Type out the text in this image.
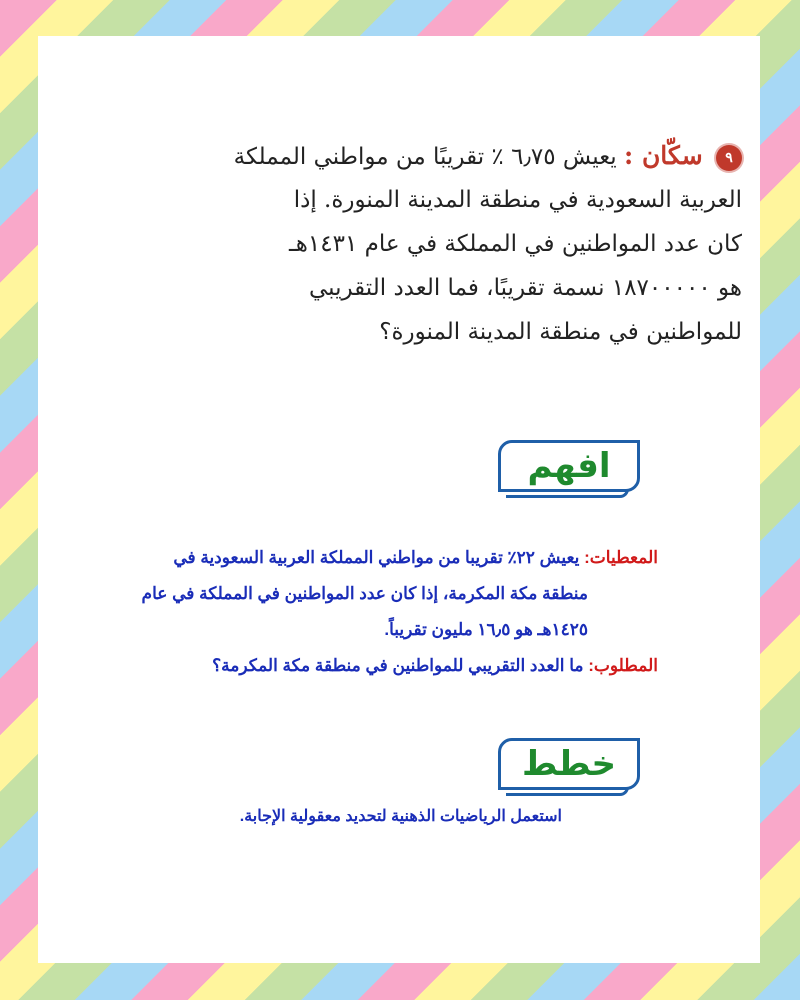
٩ سكّان : يعيش ٦٫٧٥ ٪ تقريبًا من مواطني المملكة
العربية السعودية في منطقة المدينة المنورة. إذا
كان عدد المواطنين في المملكة في عام ١٤٣١هـ
هو ١٨٧٠٠٠٠٠ نسمة تقريبًا، فما العدد التقريبي
للمواطنين في منطقة المدينة المنورة؟
افهم
المعطيات: يعيش ٢٢٪ تقريبا من مواطني المملكة العربية السعودية في
منطقة مكة المكرمة، إذا كان عدد المواطنين في المملكة في عام
١٤٢٥هـ هو ١٦٫٥ مليون تقريباً.
المطلوب: ما العدد التقريبي للمواطنين في منطقة مكة المكرمة؟
خطط
استعمل الرياضيات الذهنية لتحديد معقولية الإجابة.
